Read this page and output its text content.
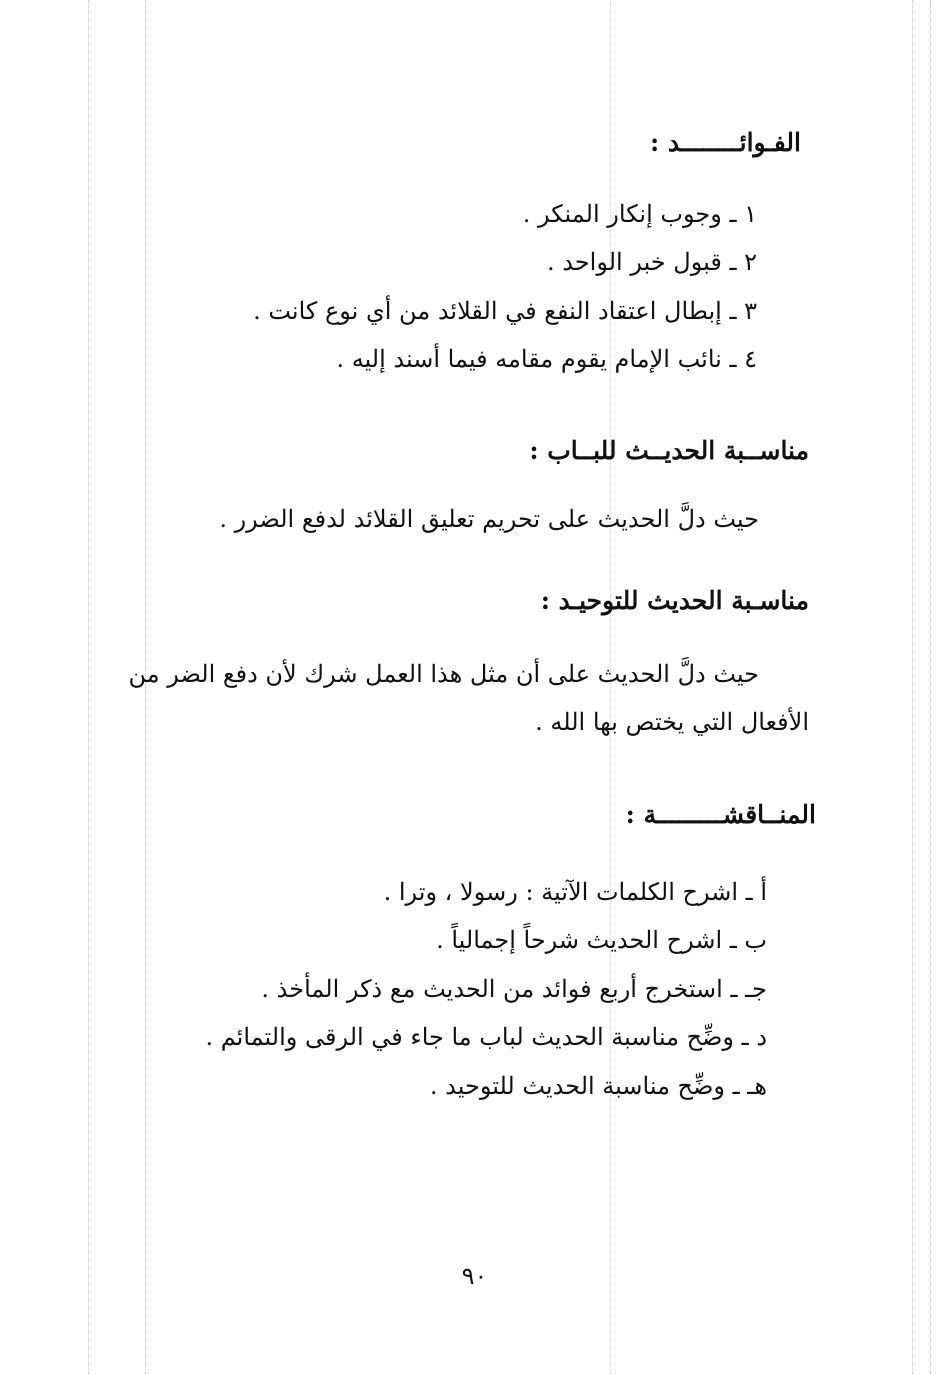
الفـوائــــــــد :
١ ـ وجوب إنكار المنكر .
٢ ـ قبول خبر الواحد .
٣ ـ إبطال اعتقاد النفع في القلائد من أي نوع كانت .
٤ ـ نائب الإمام يقوم مقامه فيما أسند إليه .
مناســبة الحديــث للبــاب :
حيث دلَّ الحديث على تحريم تعليق القلائد لدفع الضرر .
مناسـبة الحديث للتوحيـد :
حيث دلَّ الحديث على أن مثل هذا العمل شرك لأن دفع الضر من
الأفعال التي يختص بها الله .
المنــاقشـــــــــة :
أ ـ اشرح الكلمات الآتية : رسولا ، وترا .
ب ـ اشرح الحديث شرحاً إجمالياً .
جـ ـ استخرج أربع فوائد من الحديث مع ذكر المأخذ .
د ـ وضِّح مناسبة الحديث لباب ما جاء في الرقى والتمائم .
هـ ـ وضِّح مناسبة الحديث للتوحيد .
٩٠
